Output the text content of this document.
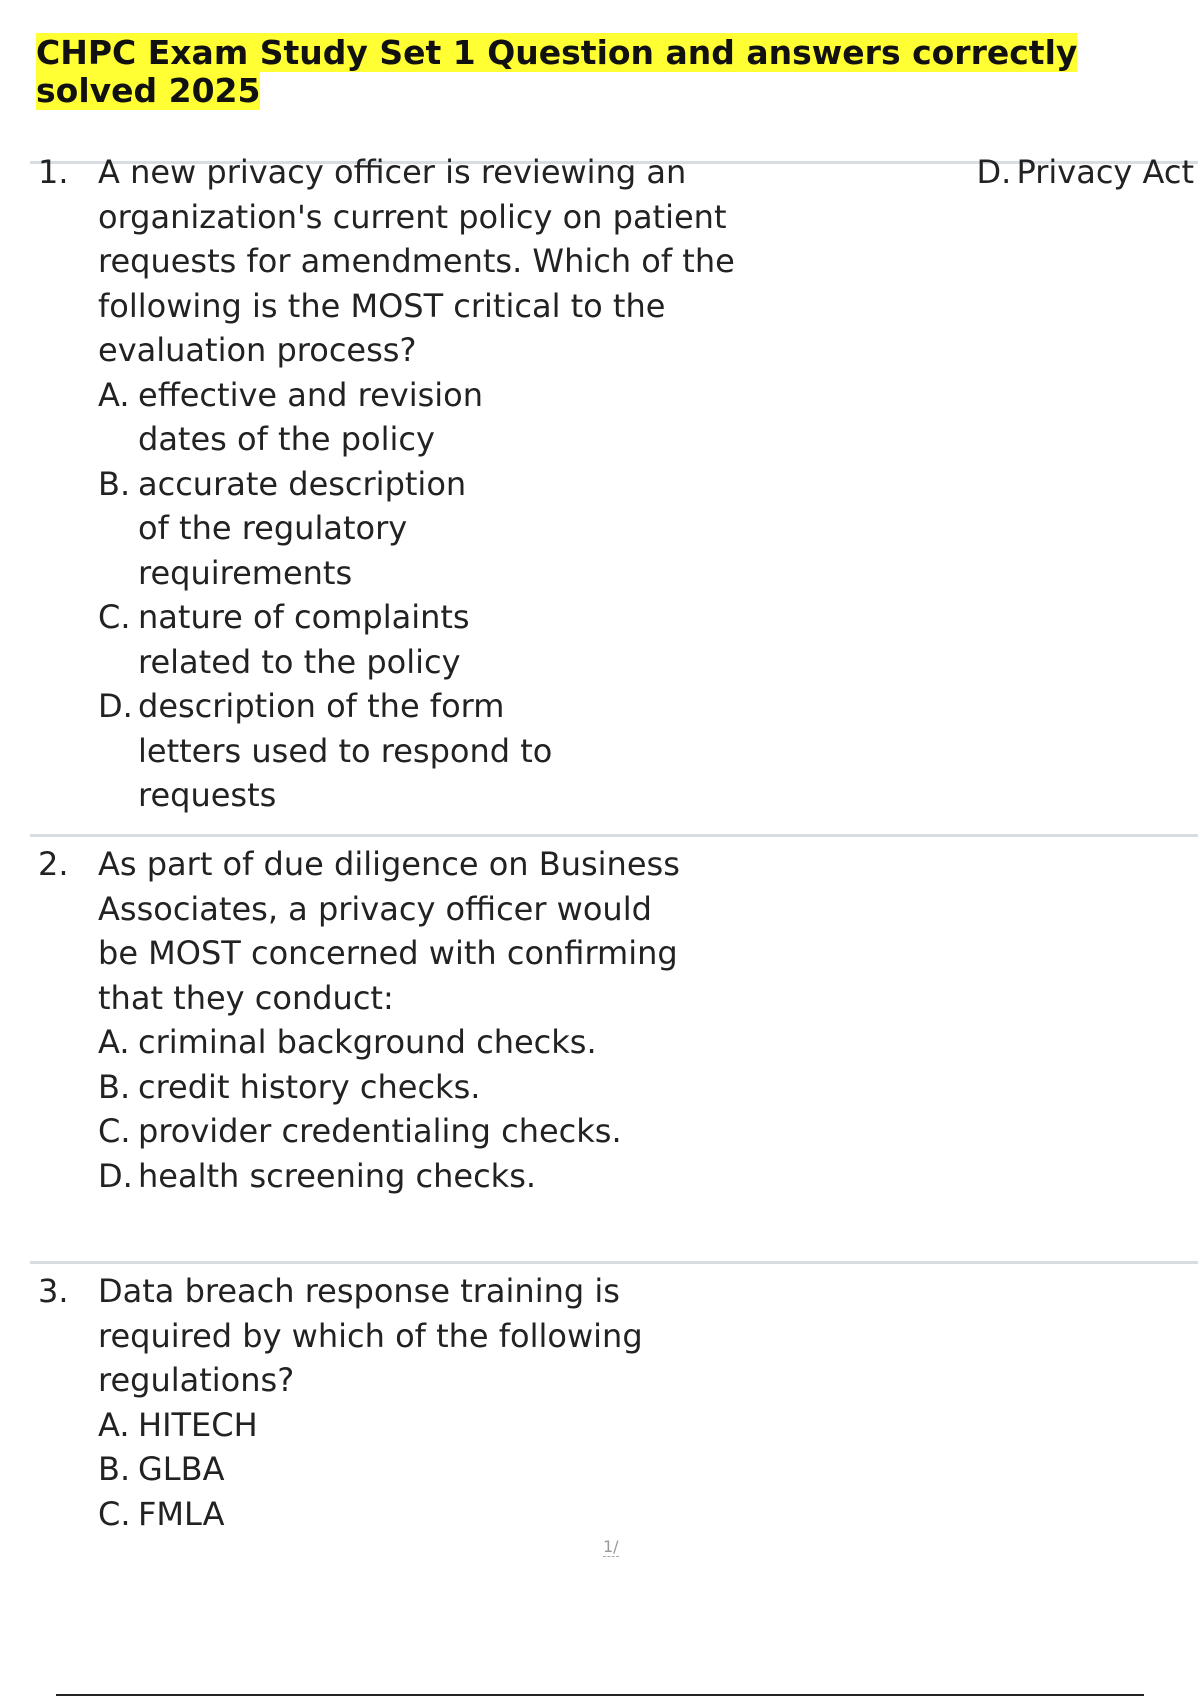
CHPC Exam Study Set 1 Question and answers correctly solved 2025
1. A new privacy officer is reviewing an organization's current policy on patient requests for amendments. Which of the following is the MOST critical to the evaluation process?
A. effective and revision dates of the policy
B. accurate description of the regulatory requirements
C. nature of complaints related to the policy
D. description of the form letters used to respond to requests
D. Privacy Act
2. As part of due diligence on Business Associates, a privacy officer would be MOST concerned with confirming that they conduct:
A. criminal background checks.
B. credit history checks.
C. provider credentialing checks.
D. health screening checks.
3. Data breach response training is required by which of the following regulations?
A. HITECH
B. GLBA
C. FMLA
1/
